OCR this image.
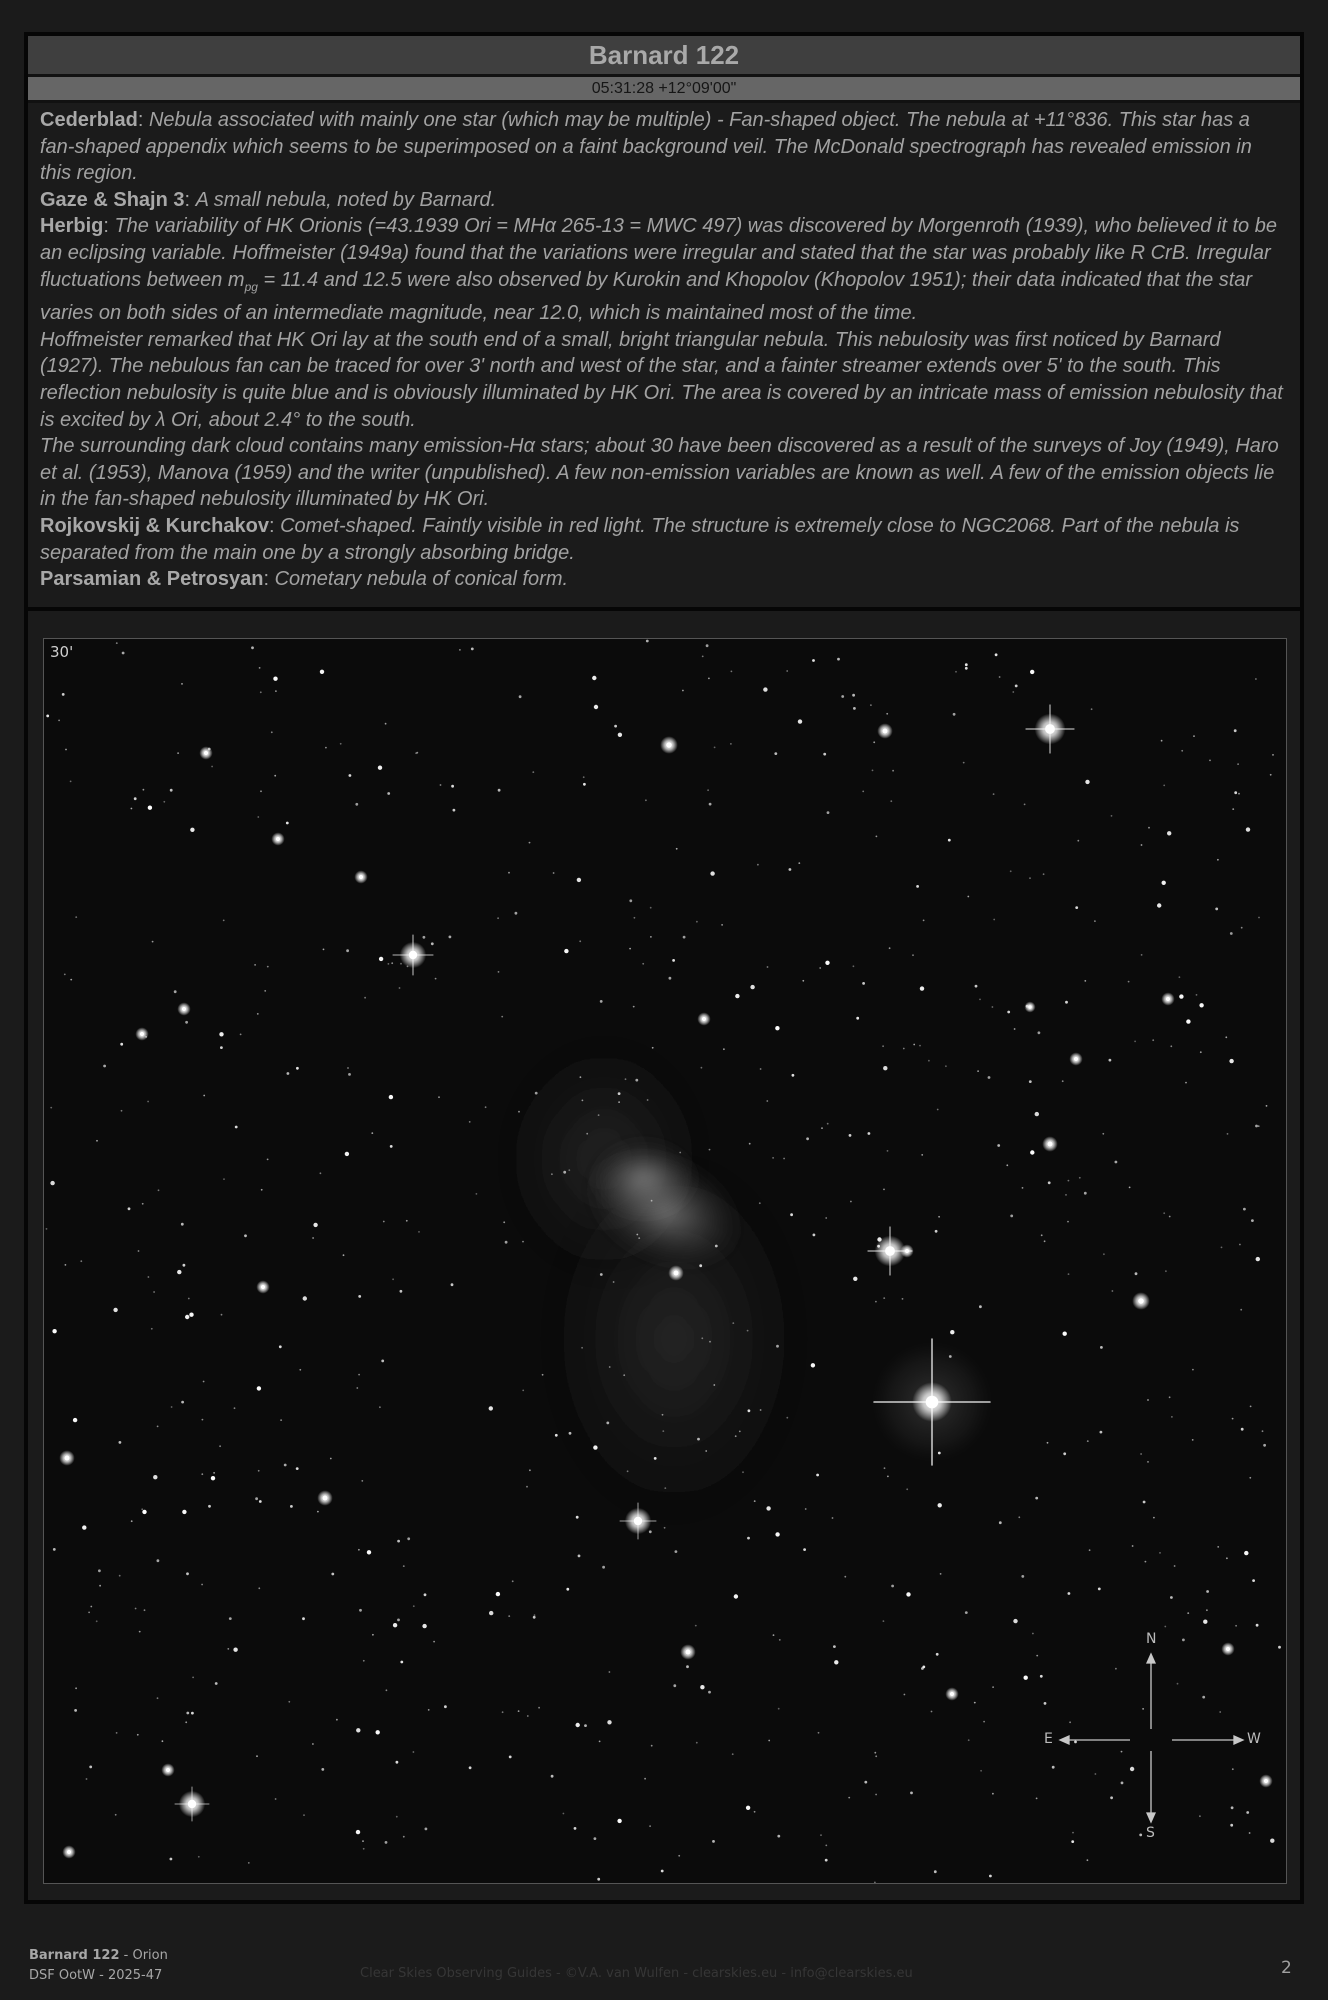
Barnard 122
05:31:28 +12°09'00"
Cederblad: Nebula associated with mainly one star (which may be multiple) - Fan-shaped object. The nebula at +11°836. This star has a fan-shaped appendix which seems to be superimposed on a faint background veil. The McDonald spectrograph has revealed emission in this region.
Gaze & Shajn 3: A small nebula, noted by Barnard.
Herbig: The variability of HK Orionis (=43.1939 Ori = MHα 265-13 = MWC 497) was discovered by Morgenroth (1939), who believed it to be an eclipsing variable. Hoffmeister (1949a) found that the variations were irregular and stated that the star was probably like R CrB. Irregular fluctuations between $m_{pg} = 11.4$ and 12.5 were also observed by Kurokin and Khopolov (Khopolov 1951); their data indicated that the star varies on both sides of an intermediate magnitude, near 12.0, which is maintained most of the time.
Hoffmeister remarked that HK Ori lay at the south end of a small, bright triangular nebula. This nebulosity was first noticed by Barnard (1927). The nebulous fan can be traced for over 3' north and west of the star, and a fainter streamer extends over 5' to the south. This reflection nebulosity is quite blue and is obviously illuminated by HK Ori. The area is covered by an intricate mass of emission nebulosity that is excited by λ Ori, about 2.4° to the south.
The surrounding dark cloud contains many emission-Hα stars; about 30 have been discovered as a result of the surveys of Joy (1949), Haro et al. (1953), Manova (1959) and the writer (unpublished). A few non-emission variables are known as well. A few of the emission objects lie in the fan-shaped nebulosity illuminated by HK Ori.
Rojkovskij & Kurchakov: Comet-shaped. Faintly visible in red light. The structure is extremely close to NGC2068. Part of the nebula is separated from the main one by a strongly absorbing bridge.
Parsamian & Petrosyan: Cometary nebula of conical form.
30'
N
S
E	W
Barnard 122 - Orion
DSF OotW - 2025-47	Clear Skies Observing Guides - ©V.A. van Wulfen - clearskies.eu - info@clearskies.eu	2
